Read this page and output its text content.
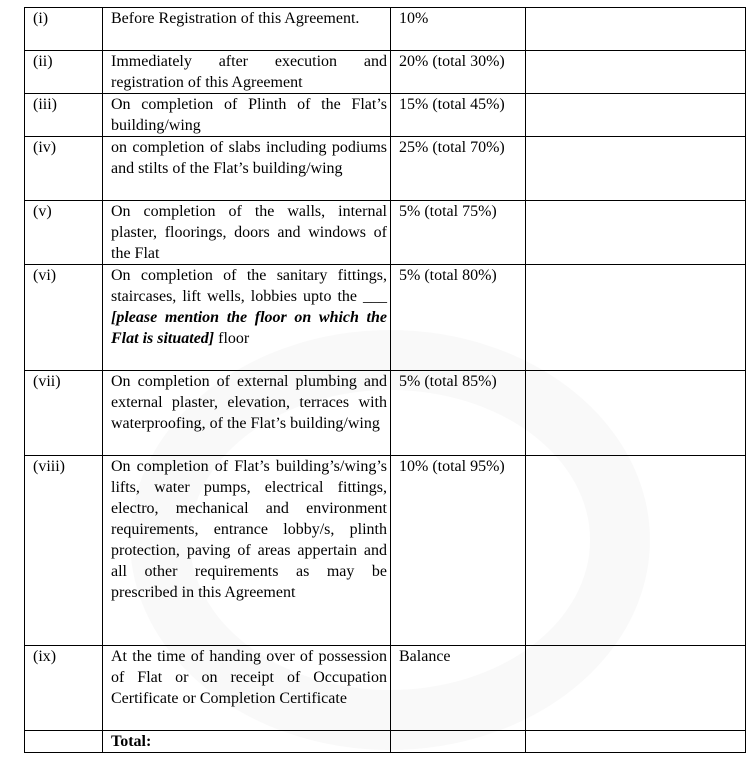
(i)	Before Registration of this Agreement.	10%	
(ii)	Immediately after execution and registration of this Agreement	20% (total 30%)	
(iii)	On completion of Plinth of the Flat’s building/wing	15% (total 45%)	
(iv)	on completion of slabs including podiums and stilts of the Flat’s building/wing	25% (total 70%)	
(v)	On completion of the walls, internal plaster, floorings, doors and windows of the Flat	5% (total 75%)	
(vi)	On completion of the sanitary fittings, staircases, lift wells, lobbies upto the ___ [please mention the floor on which the Flat is situated] floor	5% (total 80%)	
(vii)	On completion of external plumbing and external plaster, elevation, terraces with waterproofing, of the Flat’s building/wing	5% (total 85%)	
(viii)	On completion of Flat’s building’s/wing’s lifts, water pumps, electrical fittings, electro, mechanical and environment requirements, entrance lobby/s, plinth protection, paving of areas appertain and all other requirements as may be prescribed in this Agreement	10% (total 95%)	
(ix)	At the time of handing over of possession of Flat or on receipt of Occupation Certificate or Completion Certificate	Balance	
	Total:		
